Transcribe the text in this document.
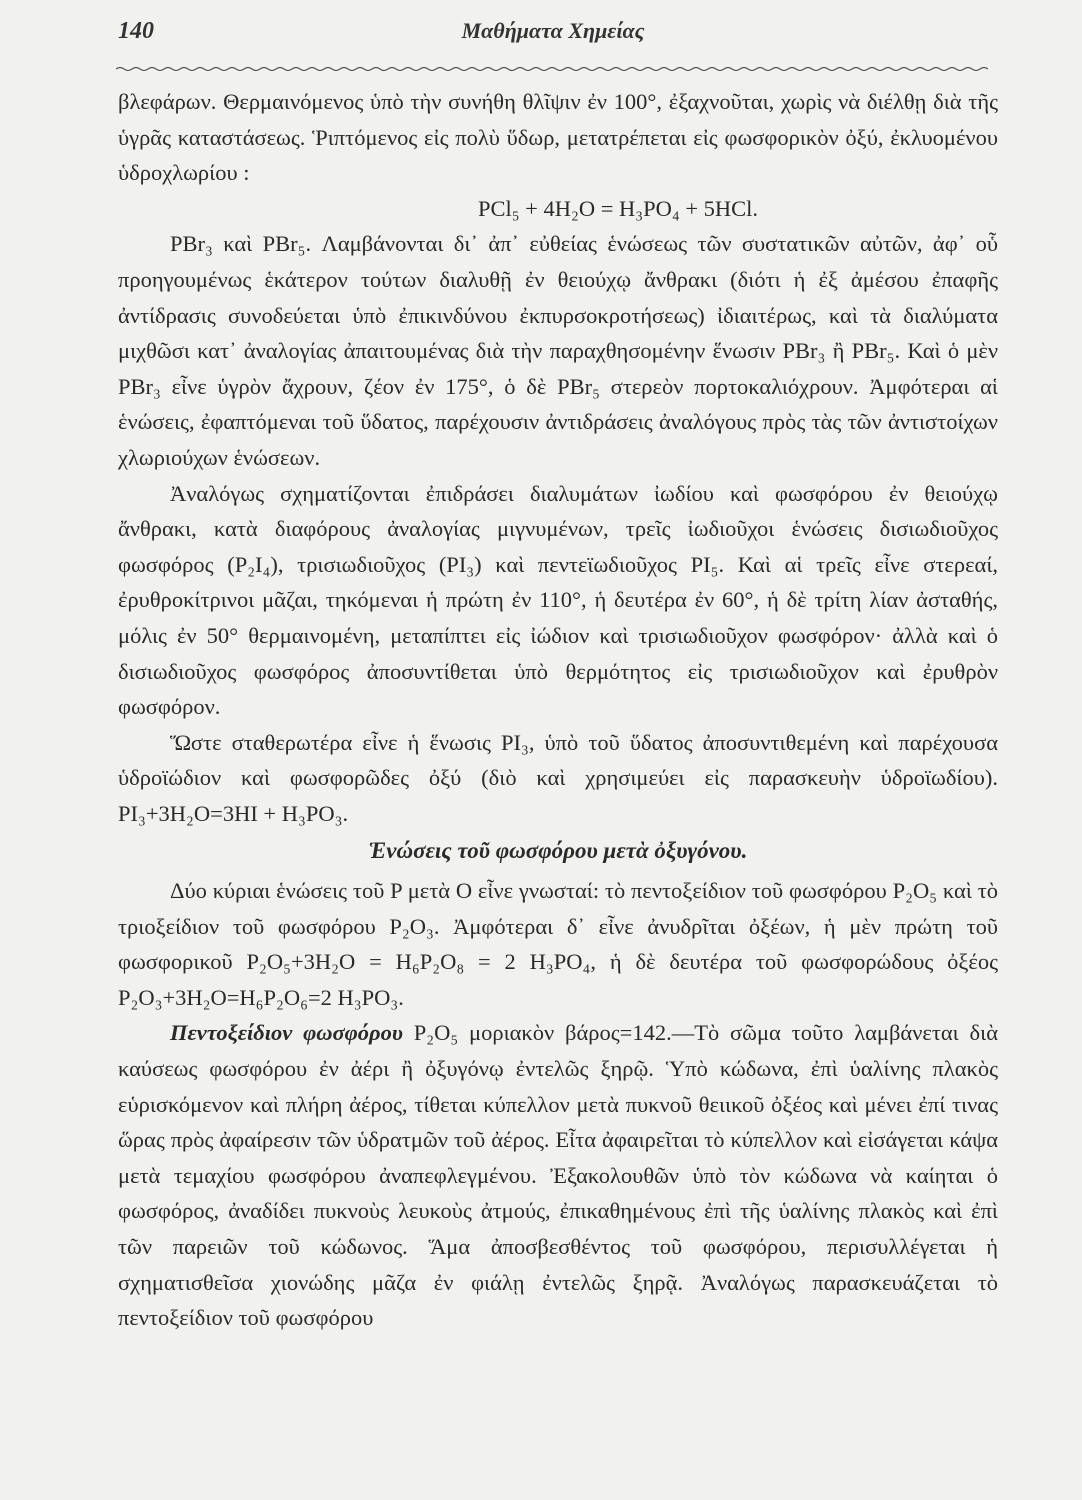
140	Μαθήματα Χημείας

βλεφάρων. Θερμαινόμενος ὑπὸ τὴν συνήθη θλῖψιν ἐν 100°, ἐξαχνοῦται, χωρὶς νὰ διέλθῃ διὰ τῆς ὑγρᾶς καταστάσεως. Ῥιπτόμενος εἰς πολὺ ὕδωρ, μετατρέπεται εἰς φωσφορικὸν ὀξύ, ἐκλυομένου ὑδροχλωρίου :

PCl₅ + 4H₂O = H₃PO₄ + 5HCl.

PBr₃ καὶ PBr₅. Λαμβάνονται δι᾽ ἀπ᾽ εὐθείας ἑνώσεως τῶν συστατικῶν αὐτῶν, ἀφ᾽ οὗ προηγουμένως ἑκάτερον τούτων διαλυθῇ ἐν θειούχῳ ἄνθρακι (διότι ἡ ἐξ ἀμέσου ἐπαφῆς ἀντίδρασις συνοδεύεται ὑπὸ ἐπικινδύνου ἐκπυρσοκροτήσεως) ἰδιαιτέρως, καὶ τὰ διαλύματα μιχθῶσι κατ᾽ ἀναλογίας ἀπαιτουμένας διὰ τὴν παραχθησομένην ἕνωσιν PBr₃ ἢ PBr₅. Καὶ ὁ μὲν PBr₃ εἶνε ὑγρὸν ἄχρουν, ζέον ἐν 175°, ὁ δὲ PBr₅ στερεὸν πορτοκαλιόχρουν. Ἀμφότεραι αἱ ἑνώσεις, ἐφαπτόμεναι τοῦ ὕδατος, παρέχουσιν ἀντιδράσεις ἀναλόγους πρὸς τὰς τῶν ἀντιστοίχων χλωριούχων ἑνώσεων.

Ἀναλόγως σχηματίζονται ἐπιδράσει διαλυμάτων ἰωδίου καὶ φωσφόρου ἐν θειούχῳ ἄνθρακι, κατὰ διαφόρους ἀναλογίας μιγνυμένων, τρεῖς ἰωδιοῦχοι ἑνώσεις δισιωδιοῦχος φωσφόρος (P₂I₄), τρισιωδιοῦχος (PI₃) καὶ πεντεϊωδιοῦχος PI₅. Καὶ αἱ τρεῖς εἶνε στερεαί, ἐρυθροκίτρινοι μᾶζαι, τηκόμεναι ἡ πρώτη ἐν 110°, ἡ δευτέρα ἐν 60°, ἡ δὲ τρίτη λίαν ἀσταθής, μόλις ἐν 50° θερμαινομένη, μεταπίπτει εἰς ἰώδιον καὶ τρισιωδιοῦχον φωσφόρον· ἀλλὰ καὶ ὁ δισιωδιοῦχος φωσφόρος ἀποσυντίθεται ὑπὸ θερμότητος εἰς τρισιωδιοῦχον καὶ ἐρυθρὸν φωσφόρον.

Ὥστε σταθερωτέρα εἶνε ἡ ἕνωσις PI₃, ὑπὸ τοῦ ὕδατος ἀποσυντιθεμένη καὶ παρέχουσα ὑδροϊώδιον καὶ φωσφορῶδες ὀξύ (διὸ καὶ χρησιμεύει εἰς παρασκευὴν ὑδροϊωδίου). PI₃+3H₂O=3HI + H₃PO₃.

Ἑνώσεις τοῦ φωσφόρου μετὰ ὀξυγόνου.

Δύο κύριαι ἑνώσεις τοῦ P μετὰ O εἶνε γνωσταί: τὸ πεντοξείδιον τοῦ φωσφόρου P₂O₅ καὶ τὸ τριοξείδιον τοῦ φωσφόρου P₂O₃. Ἀμφότεραι δ᾽ εἶνε ἀνυδρῖται ὀξέων, ἡ μὲν πρώτη τοῦ φωσφορικοῦ P₂O₅+3H₂O = H₆P₂O₈ = 2 H₃PO₄, ἡ δὲ δευτέρα τοῦ φωσφορώδους ὀξέος P₂O₃+3H₂O=H₆P₂O₆=2 H₃PO₃.

Πεντοξείδιον φωσφόρου P₂O₅ μοριακὸν βάρος=142.—Τὸ σῶμα τοῦτο λαμβάνεται διὰ καύσεως φωσφόρου ἐν ἀέρι ἢ ὀξυγόνῳ ἐντελῶς ξηρῷ. Ὑπὸ κώδωνα, ἐπὶ ὑαλίνης πλακὸς εὑρισκόμενον καὶ πλήρη ἀέρος, τίθεται κύπελλον μετὰ πυκνοῦ θειικοῦ ὀξέος καὶ μένει ἐπί τινας ὥρας πρὸς ἀφαίρεσιν τῶν ὑδρατμῶν τοῦ ἀέρος. Εἶτα ἀφαιρεῖται τὸ κύπελλον καὶ εἰσάγεται κάψα μετὰ τεμαχίου φωσφόρου ἀναπεφλεγμένου. Ἐξακολουθῶν ὑπὸ τὸν κώδωνα νὰ καίηται ὁ φωσφόρος, ἀναδίδει πυκνοὺς λευκοὺς ἀτμούς, ἐπικαθημένους ἐπὶ τῆς ὑαλίνης πλακὸς καὶ ἐπὶ τῶν παρειῶν τοῦ κώδωνος. Ἅμα ἀποσβεσθέντος τοῦ φωσφόρου, περισυλλέγεται ἡ σχηματισθεῖσα χιονώδης μᾶζα ἐν φιάλῃ ἐντελῶς ξηρᾷ. Ἀναλόγως παρασκευάζεται τὸ πεντοξείδιον τοῦ φωσφόρου
